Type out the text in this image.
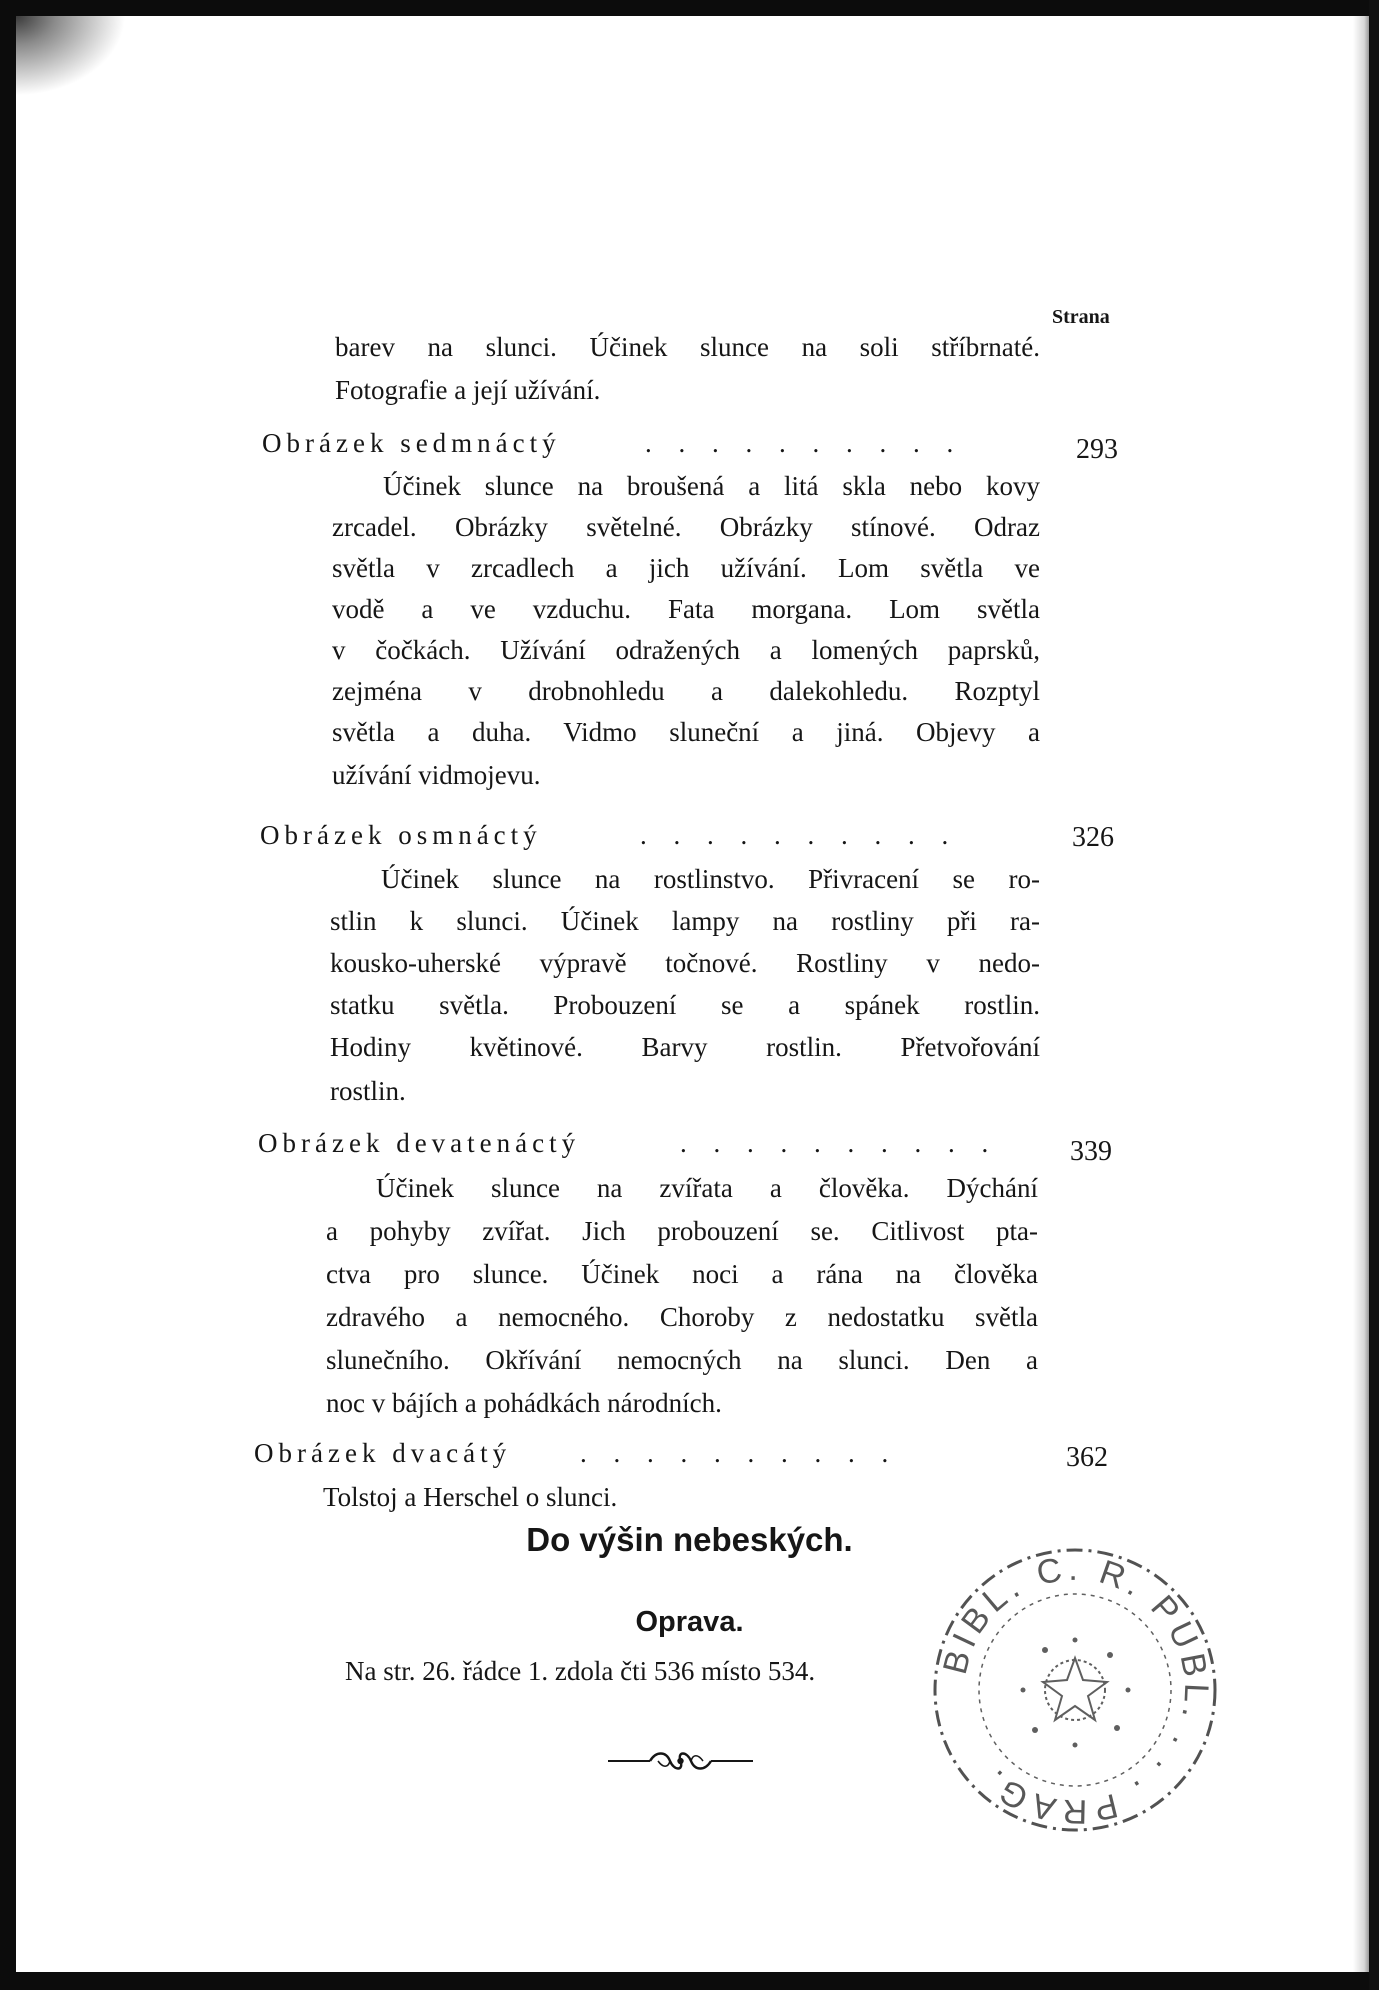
Strana
barev na slunci. Účinek slunce na soli stříbrnaté.
Fotografie a její užívání.
Obrázek sedmnáctý	. . . . . . . . . .	293
Účinek slunce na broušená a litá skla nebo kovy
zrcadel. Obrázky světelné. Obrázky stínové. Odraz
světla v zrcadlech a jich užívání. Lom světla ve
vodě a ve vzduchu. Fata morgana. Lom světla
v čočkách. Užívání odražených a lomených paprsků,
zejména v drobnohledu a dalekohledu. Rozptyl
světla a duha. Vidmo sluneční a jiná. Objevy a
užívání vidmojevu.
Obrázek osmnáctý	. . . . . . . . . .	326
Účinek slunce na rostlinstvo. Přivracení se ro-
stlin k slunci. Účinek lampy na rostliny při ra-
kousko-uherské výpravě točnové. Rostliny v nedo-
statku světla. Probouzení se a spánek rostlin.
Hodiny květinové. Barvy rostlin. Přetvořování
rostlin.
Obrázek devatenáctý	. . . . . . . . . .	339
Účinek slunce na zvířata a člověka. Dýchání
a pohyby zvířat. Jich probouzení se. Citlivost pta-
ctva pro slunce. Účinek noci a rána na člověka
zdravého a nemocného. Choroby z nedostatku světla
slunečního. Okřívání nemocných na slunci. Den a
noc v bájích a pohádkách národních.
Obrázek dvacátý	. . . . . . . . . .	362
Tolstoj a Herschel o slunci.
Do výšin nebeských.
Oprava.
Na str. 26. řádce 1. zdola čti 536 místo 534.	BIBL. C. R. PUBL. . . . PRAG.
